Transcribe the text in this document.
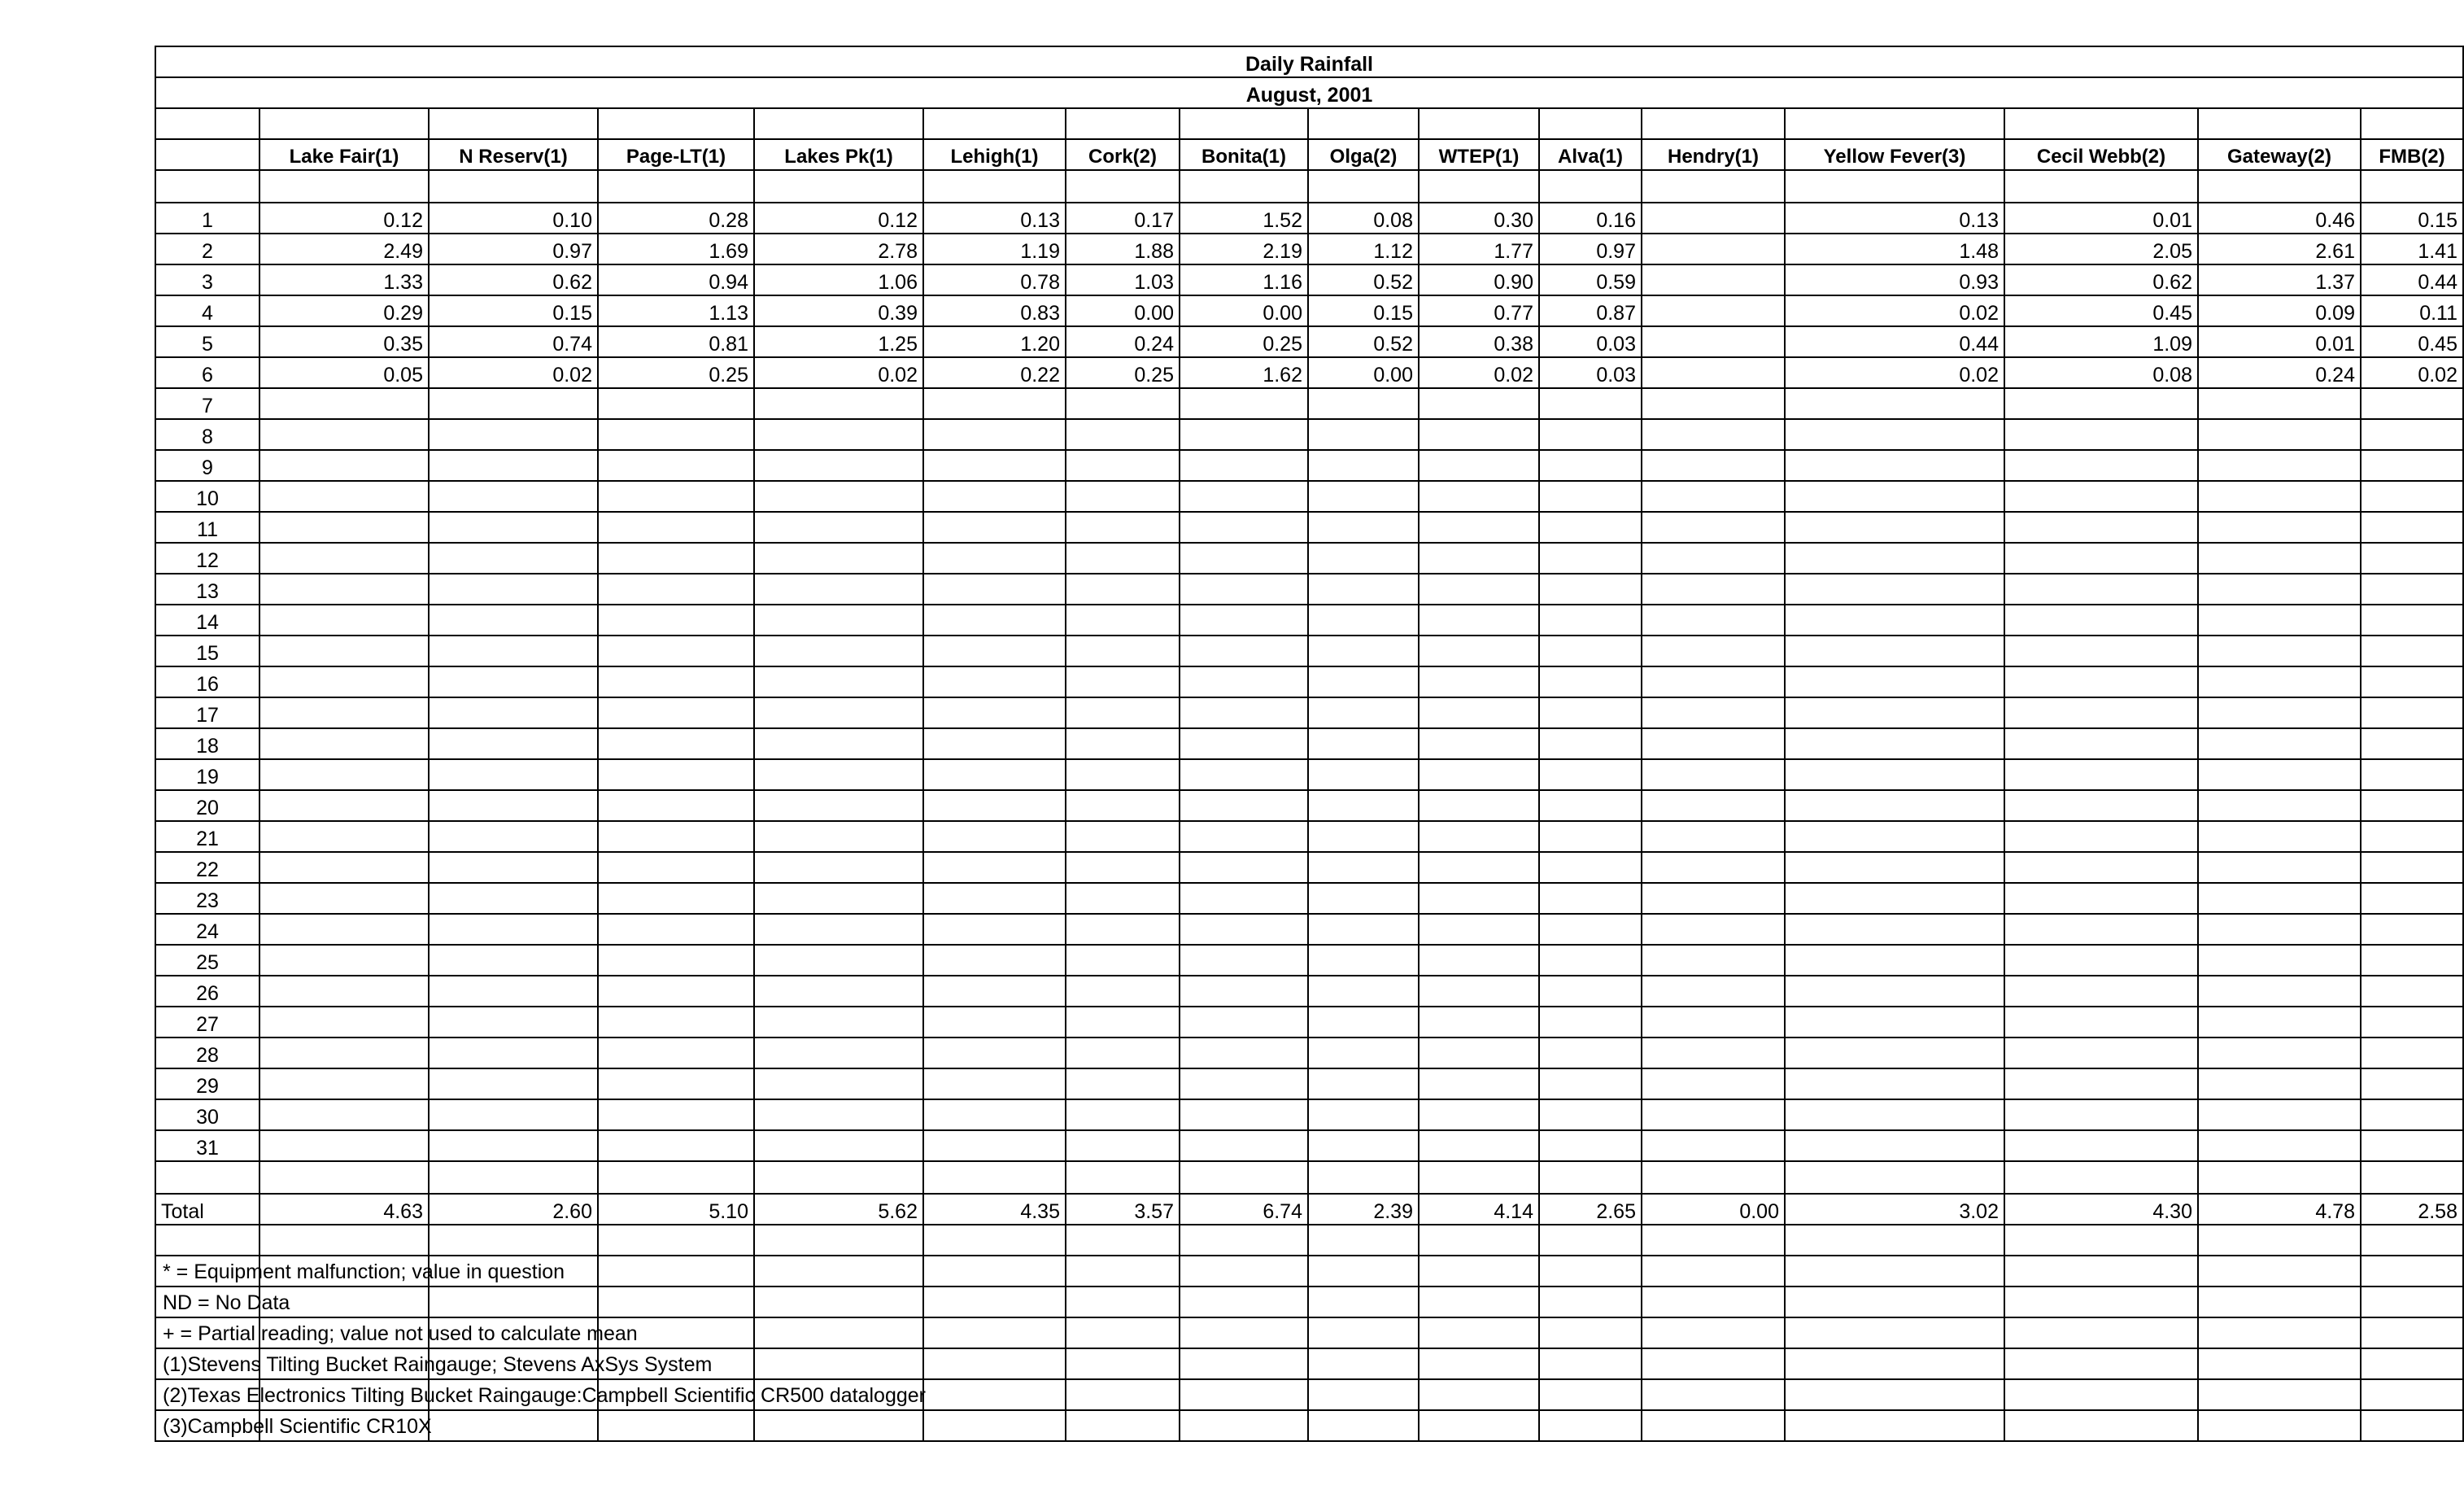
Daily Rainfall															
August, 2001															

	Lake Fair(1)	N Reserv(1)	Page-LT(1)	Lakes Pk(1)	Lehigh(1)	Cork(2)	Bonita(1)	Olga(2)	WTEP(1)	Alva(1)	Hendry(1)	Yellow Fever(3)	Cecil Webb(2)	Gateway(2)	FMB(2)

1	0.12	0.10	0.28	0.12	0.13	0.17	1.52	0.08	0.30	0.16		0.13	0.01	0.46	0.15
2	2.49	0.97	1.69	2.78	1.19	1.88	2.19	1.12	1.77	0.97		1.48	2.05	2.61	1.41
3	1.33	0.62	0.94	1.06	0.78	1.03	1.16	0.52	0.90	0.59		0.93	0.62	1.37	0.44
4	0.29	0.15	1.13	0.39	0.83	0.00	0.00	0.15	0.77	0.87		0.02	0.45	0.09	0.11
5	0.35	0.74	0.81	1.25	1.20	0.24	0.25	0.52	0.38	0.03		0.44	1.09	0.01	0.45
6	0.05	0.02	0.25	0.02	0.22	0.25	1.62	0.00	0.02	0.03		0.02	0.08	0.24	0.02
7															
8															
9															
10															
11															
12															
13															
14															
15															
16															
17															
18															
19															
20															
21															
22															
23															
24															
25															
26															
27															
28															
29															
30															
31															

Total	4.63	2.60	5.10	5.62	4.35	3.57	6.74	2.39	4.14	2.65	0.00	3.02	4.30	4.78	2.58

* = Equipment malfunction; value in question															

ND = No Data															

+ = Partial reading; value not used to calculate mean															

(1)Stevens Tilting Bucket Raingauge; Stevens AxSys System															

(2)Texas Electronics Tilting Bucket Raingauge:Campbell Scientific CR500 datalogger															

(3)Campbell Scientific CR10X															
